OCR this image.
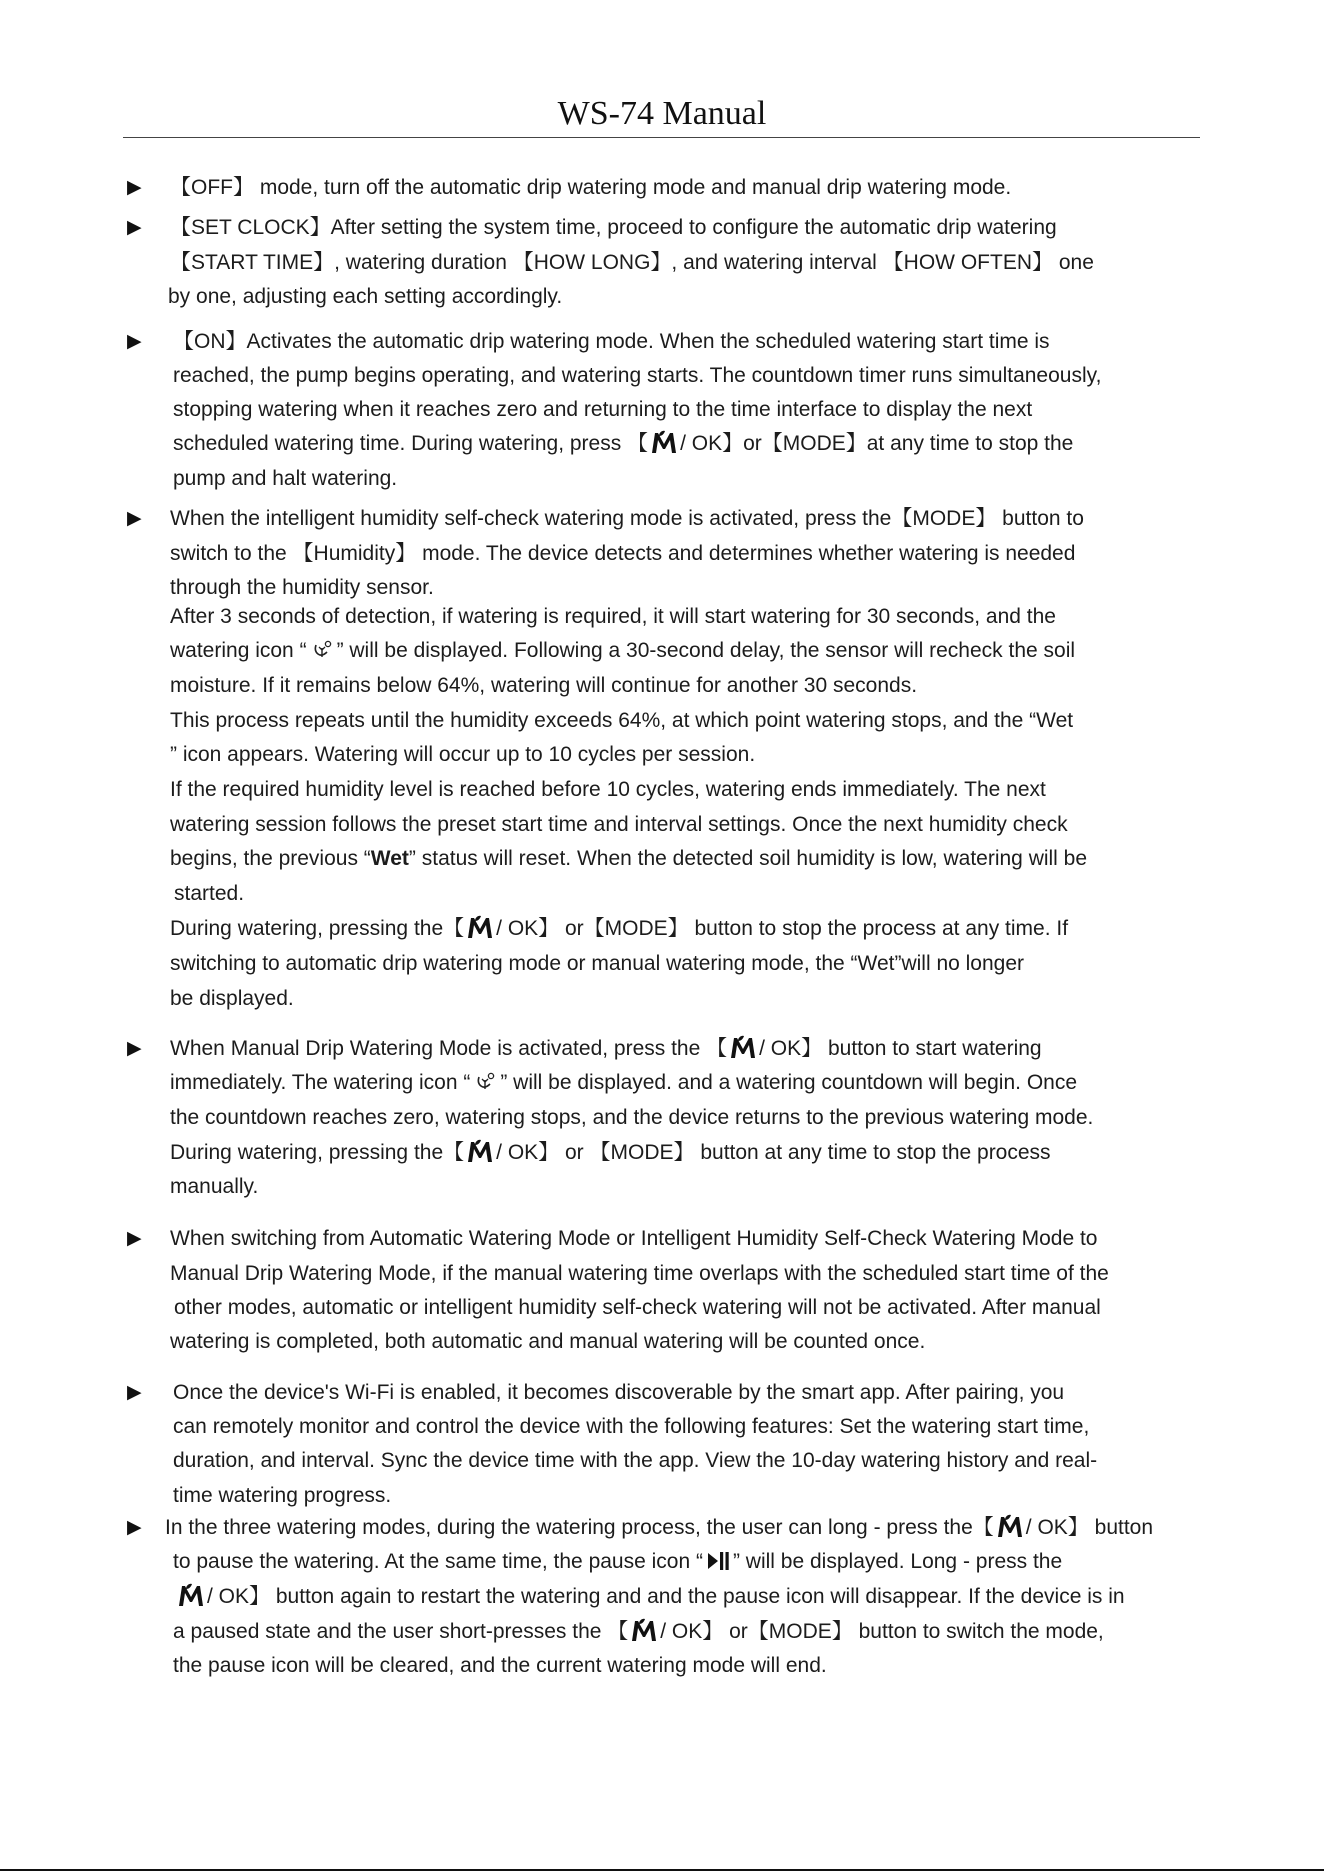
WS-74 Manual
▶ 【OFF】 mode, turn off the automatic drip watering mode and manual drip watering mode.
▶ 【SET CLOCK】After setting the system time, proceed to configure the automatic drip watering
【START TIME】, watering duration 【HOW LONG】, and watering interval 【HOW OFTEN】 one
by one, adjusting each setting accordingly.
▶ 【ON】Activates the automatic drip watering mode. When the scheduled watering start time is
reached, the pump begins operating, and watering starts. The countdown timer runs simultaneously,
stopping watering when it reaches zero and returning to the time interface to display the next
scheduled watering time. During watering, press 【 / OK】or【MODE】at any time to stop the
pump and halt watering.
▶ When the intelligent humidity self-check watering mode is activated, press the【MODE】 button to
switch to the 【Humidity】 mode. The device detects and determines whether watering is needed
through the humidity sensor.
After 3 seconds of detection, if watering is required, it will start watering for 30 seconds, and the
watering icon “ ” will be displayed. Following a 30-second delay, the sensor will recheck the soil
moisture. If it remains below 64%, watering will continue for another 30 seconds.
This process repeats until the humidity exceeds 64%, at which point watering stops, and the “Wet
” icon appears. Watering will occur up to 10 cycles per session.
If the required humidity level is reached before 10 cycles, watering ends immediately. The next
watering session follows the preset start time and interval settings. Once the next humidity check
begins, the previous “Wet” status will reset. When the detected soil humidity is low, watering will be
started.
During watering, pressing the【 / OK】 or【MODE】 button to stop the process at any time. If
switching to automatic drip watering mode or manual watering mode, the “Wet”will no longer
be displayed.
▶ When Manual Drip Watering Mode is activated, press the 【 / OK】 button to start watering
immediately. The watering icon “ ” will be displayed. and a watering countdown will begin. Once
the countdown reaches zero, watering stops, and the device returns to the previous watering mode.
During watering, pressing the【 / OK】 or 【MODE】 button at any time to stop the process
manually.
▶ When switching from Automatic Watering Mode or Intelligent Humidity Self-Check Watering Mode to
Manual Drip Watering Mode, if the manual watering time overlaps with the scheduled start time of the
other modes, automatic or intelligent humidity self-check watering will not be activated. After manual
watering is completed, both automatic and manual watering will be counted once.
▶ Once the device's Wi-Fi is enabled, it becomes discoverable by the smart app. After pairing, you
can remotely monitor and control the device with the following features: Set the watering start time,
duration, and interval. Sync the device time with the app. View the 10-day watering history and real-
time watering progress.
▶ In the three watering modes, during the watering process, the user can long - press the【 / OK】 button
to pause the watering. At the same time, the pause icon “ ” will be displayed. Long - press the
/ OK】 button again to restart the watering and and the pause icon will disappear. If the device is in
a paused state and the user short-presses the 【 / OK】 or【MODE】 button to switch the mode,
the pause icon will be cleared, and the current watering mode will end.
